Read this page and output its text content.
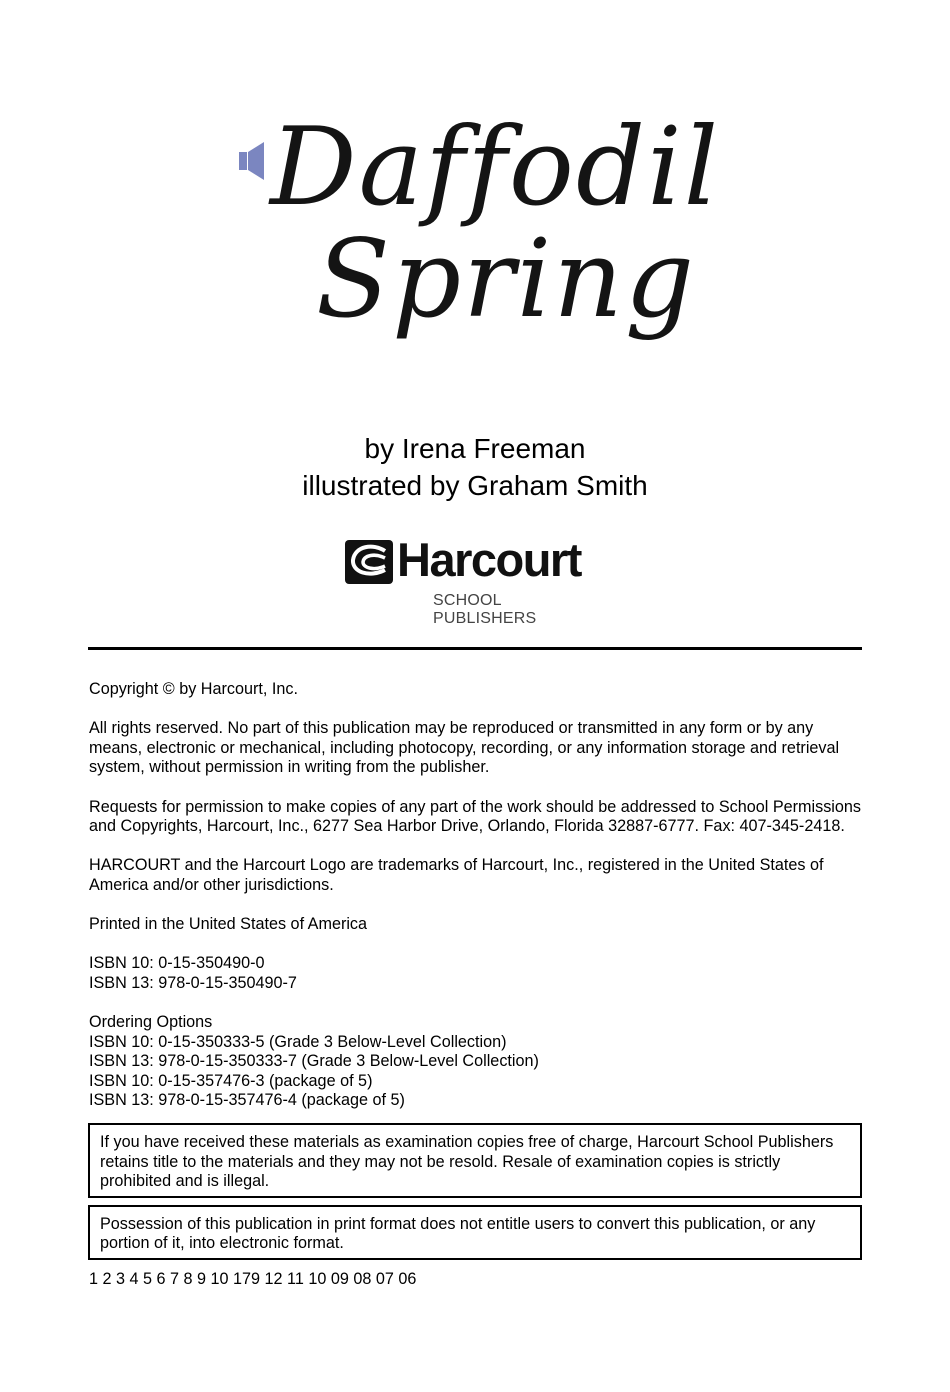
Daffodil
Spring
by Irena Freeman
illustrated by Graham Smith
Harcourt
SCHOOL PUBLISHERS

Copyright © by Harcourt, Inc.

All rights reserved. No part of this publication may be reproduced or transmitted in any form or by any means, electronic or mechanical, including photocopy, recording, or any information storage and retrieval system, without permission in writing from the publisher.

Requests for permission to make copies of any part of the work should be addressed to School Permissions and Copyrights, Harcourt, Inc., 6277 Sea Harbor Drive, Orlando, Florida 32887-6777. Fax: 407-345-2418.

HARCOURT and the Harcourt Logo are trademarks of Harcourt, Inc., registered in the United States of America and/or other jurisdictions.

Printed in the United States of America

ISBN 10: 0-15-350490-0
ISBN 13: 978-0-15-350490-7

Ordering Options
ISBN 10: 0-15-350333-5 (Grade 3 Below-Level Collection)
ISBN 13: 978-0-15-350333-7 (Grade 3 Below-Level Collection)
ISBN 10: 0-15-357476-3 (package of 5)
ISBN 13: 978-0-15-357476-4 (package of 5)

If you have received these materials as examination copies free of charge, Harcourt School Publishers retains title to the materials and they may not be resold. Resale of examination copies is strictly prohibited and is illegal.
Possession of this publication in print format does not entitle users to convert this publication, or any portion of it, into electronic format.
1 2 3 4 5 6 7 8 9 10 179 12 11 10 09 08 07 06
